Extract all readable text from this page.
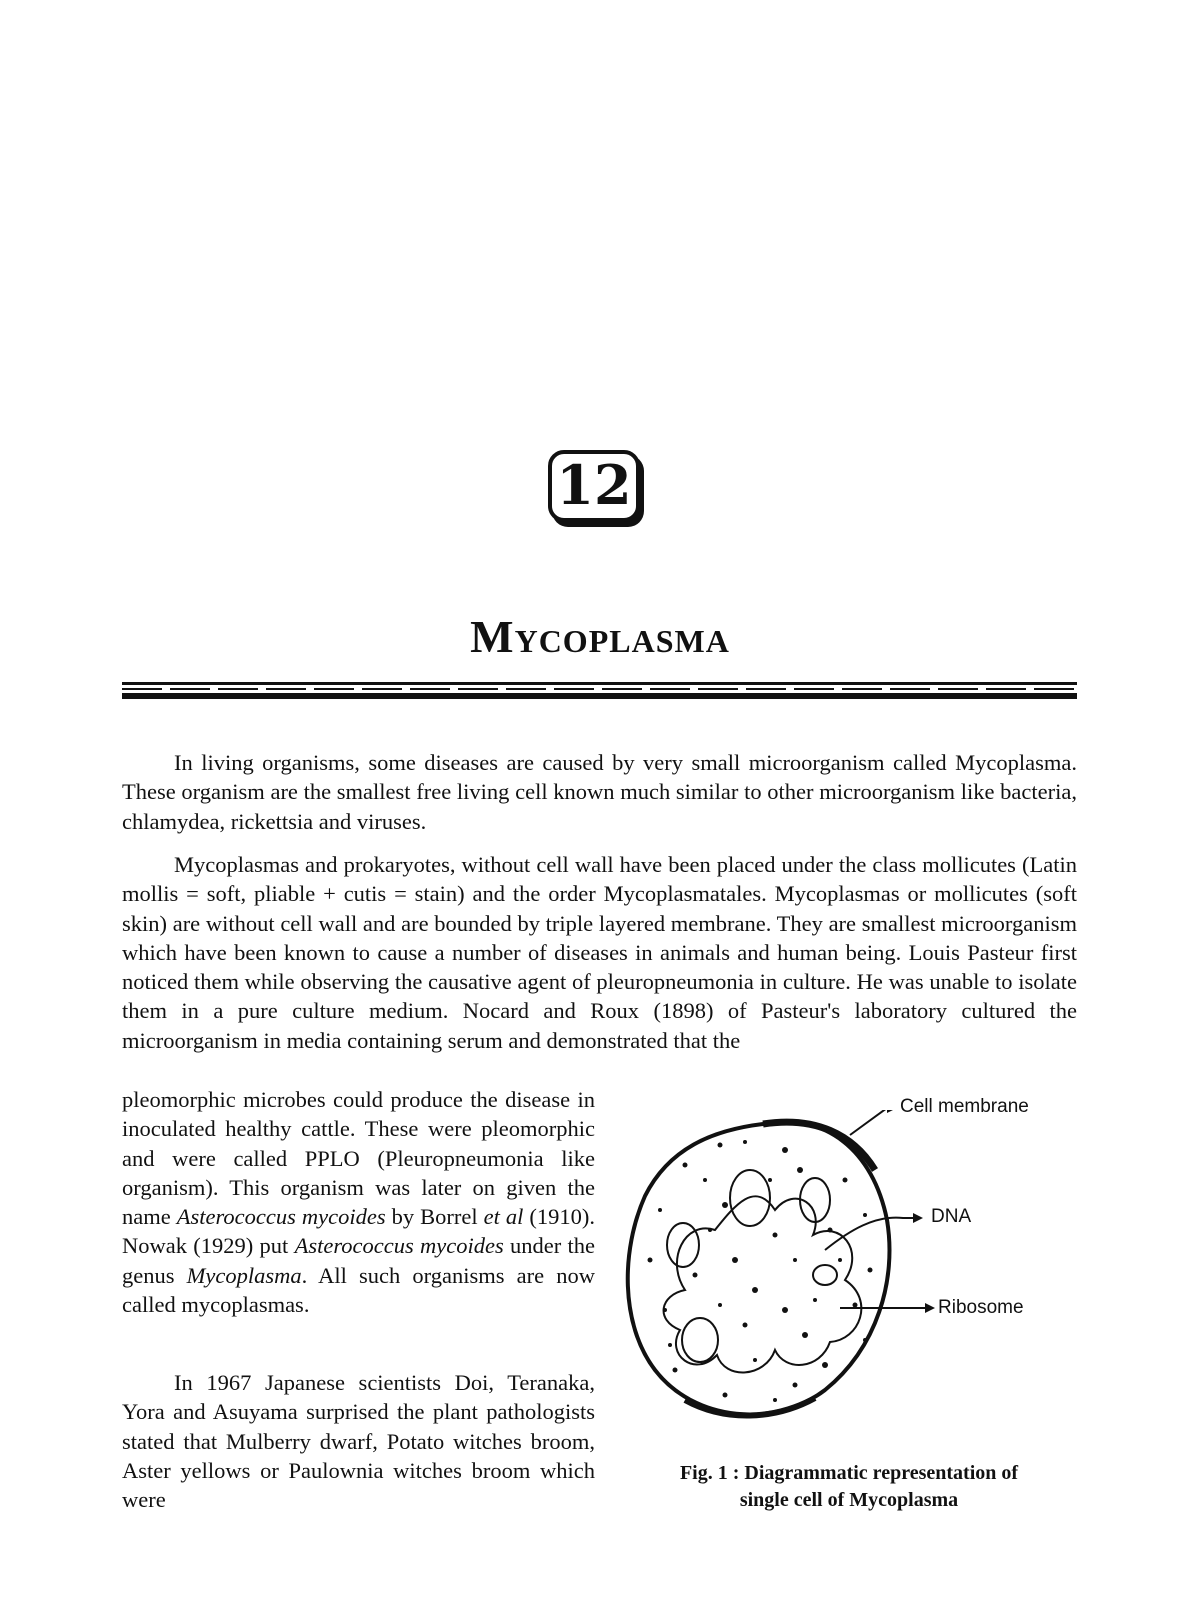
12
Mycoplasma

In living organisms, some diseases are caused by very small microorganism called Mycoplasma. These organism are the smallest free living cell known much similar to other microorganism like bacteria, chlamydea, rickettsia and viruses.

Mycoplasmas and prokaryotes, without cell wall have been placed under the class mollicutes (Latin mollis = soft, pliable + cutis = stain) and the order Mycoplasmatales. Mycoplasmas or mollicutes (soft skin) are without cell wall and are bounded by triple layered membrane. They are smallest microorganism which have been known to cause a number of diseases in animals and human being. Louis Pasteur first noticed them while observing the causative agent of pleuropneumonia in culture. He was unable to isolate them in a pure culture medium. Nocard and Roux (1898) of Pasteur's laboratory cultured the microorganism in media containing serum and demonstrated that the

pleomorphic microbes could produce the disease in inoculated healthy cattle. These were pleomorphic and were called PPLO (Pleuropneumonia like organism). This organism was later on given the name Asterococcus mycoides by Borrel et al (1910). Nowak (1929) put Asterococcus mycoides under the genus Mycoplasma. All such organisms are now called mycoplasmas.

In 1967 Japanese scientists Doi, Teranaka, Yora and Asuyama surprised the plant pathologists stated that Mulberry dwarf, Potato witches broom, Aster yellows or Paulownia witches broom which were

Cell membrane
DNA
Ribosome
Fig. 1 : Diagrammatic representation of
single cell of Mycoplasma
